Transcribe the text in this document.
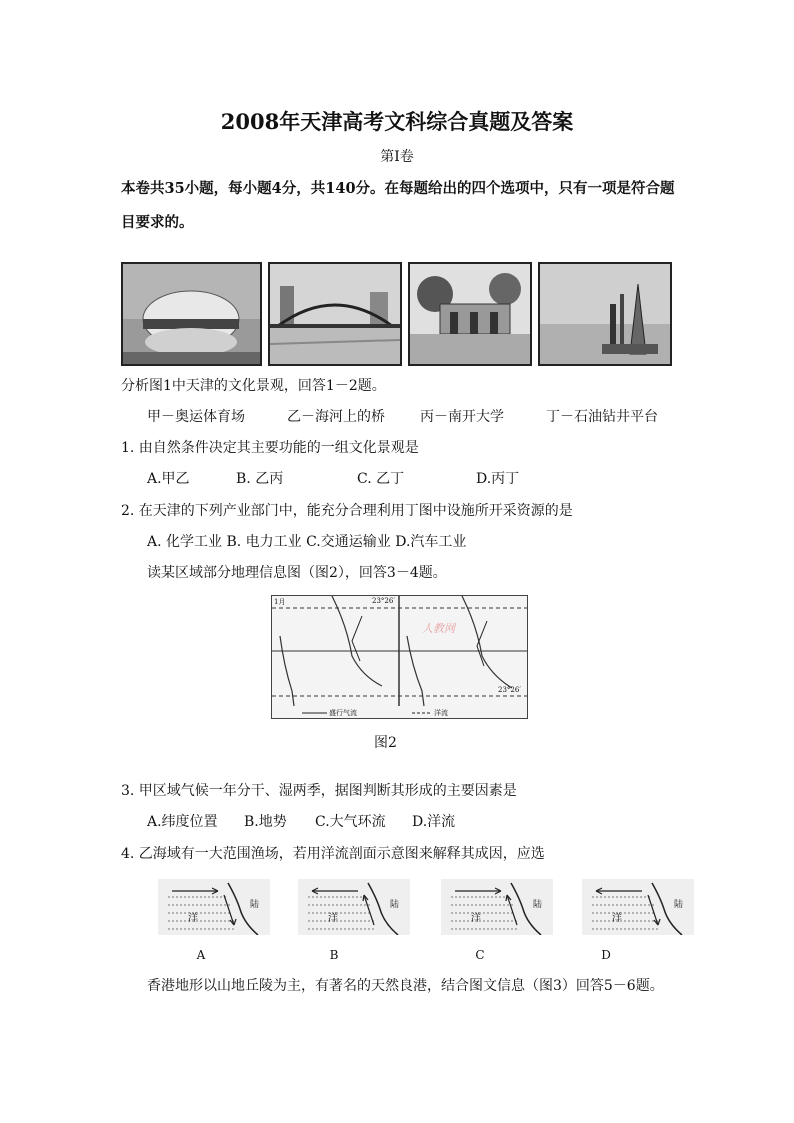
2008年天津高考文科综合真题及答案
第Ⅰ卷
本卷共35小题，每小题4分，共140分。在每题给出的四个选项中，只有一项是符合题目要求的。
分析图1中天津的文化景观，回答1－2题。
甲－奥运体育场	乙－海河上的桥	丙－南开大学	丁－石油钻井平台
1. 由自然条件决定其主要功能的一组文化景观是
A.甲乙	B. 乙丙	C. 乙丁	D.丙丁
2. 在天津的下列产业部门中，能充分合理利用丁图中设施所开采资源的是
A. 化学工业 B. 电力工业 C.交通运输业 D.汽车工业
读某区域部分地理信息图（图2），回答3－4题。
1月	23°26′
23°26′
盛行气流	洋流
人教网
图2
3. 甲区域气候一年分干、湿两季，据图判断其形成的主要因素是
A.纬度位置 B.地势 C.大气环流 D.洋流
4. 乙海域有一大范围渔场，若用洋流剖面示意图来解释其成因，应选
洋
陆
洋
陆
洋
陆
洋
陆
A	B	C	D
香港地形以山地丘陵为主，有著名的天然良港，结合图文信息（图3）回答5－6题。
